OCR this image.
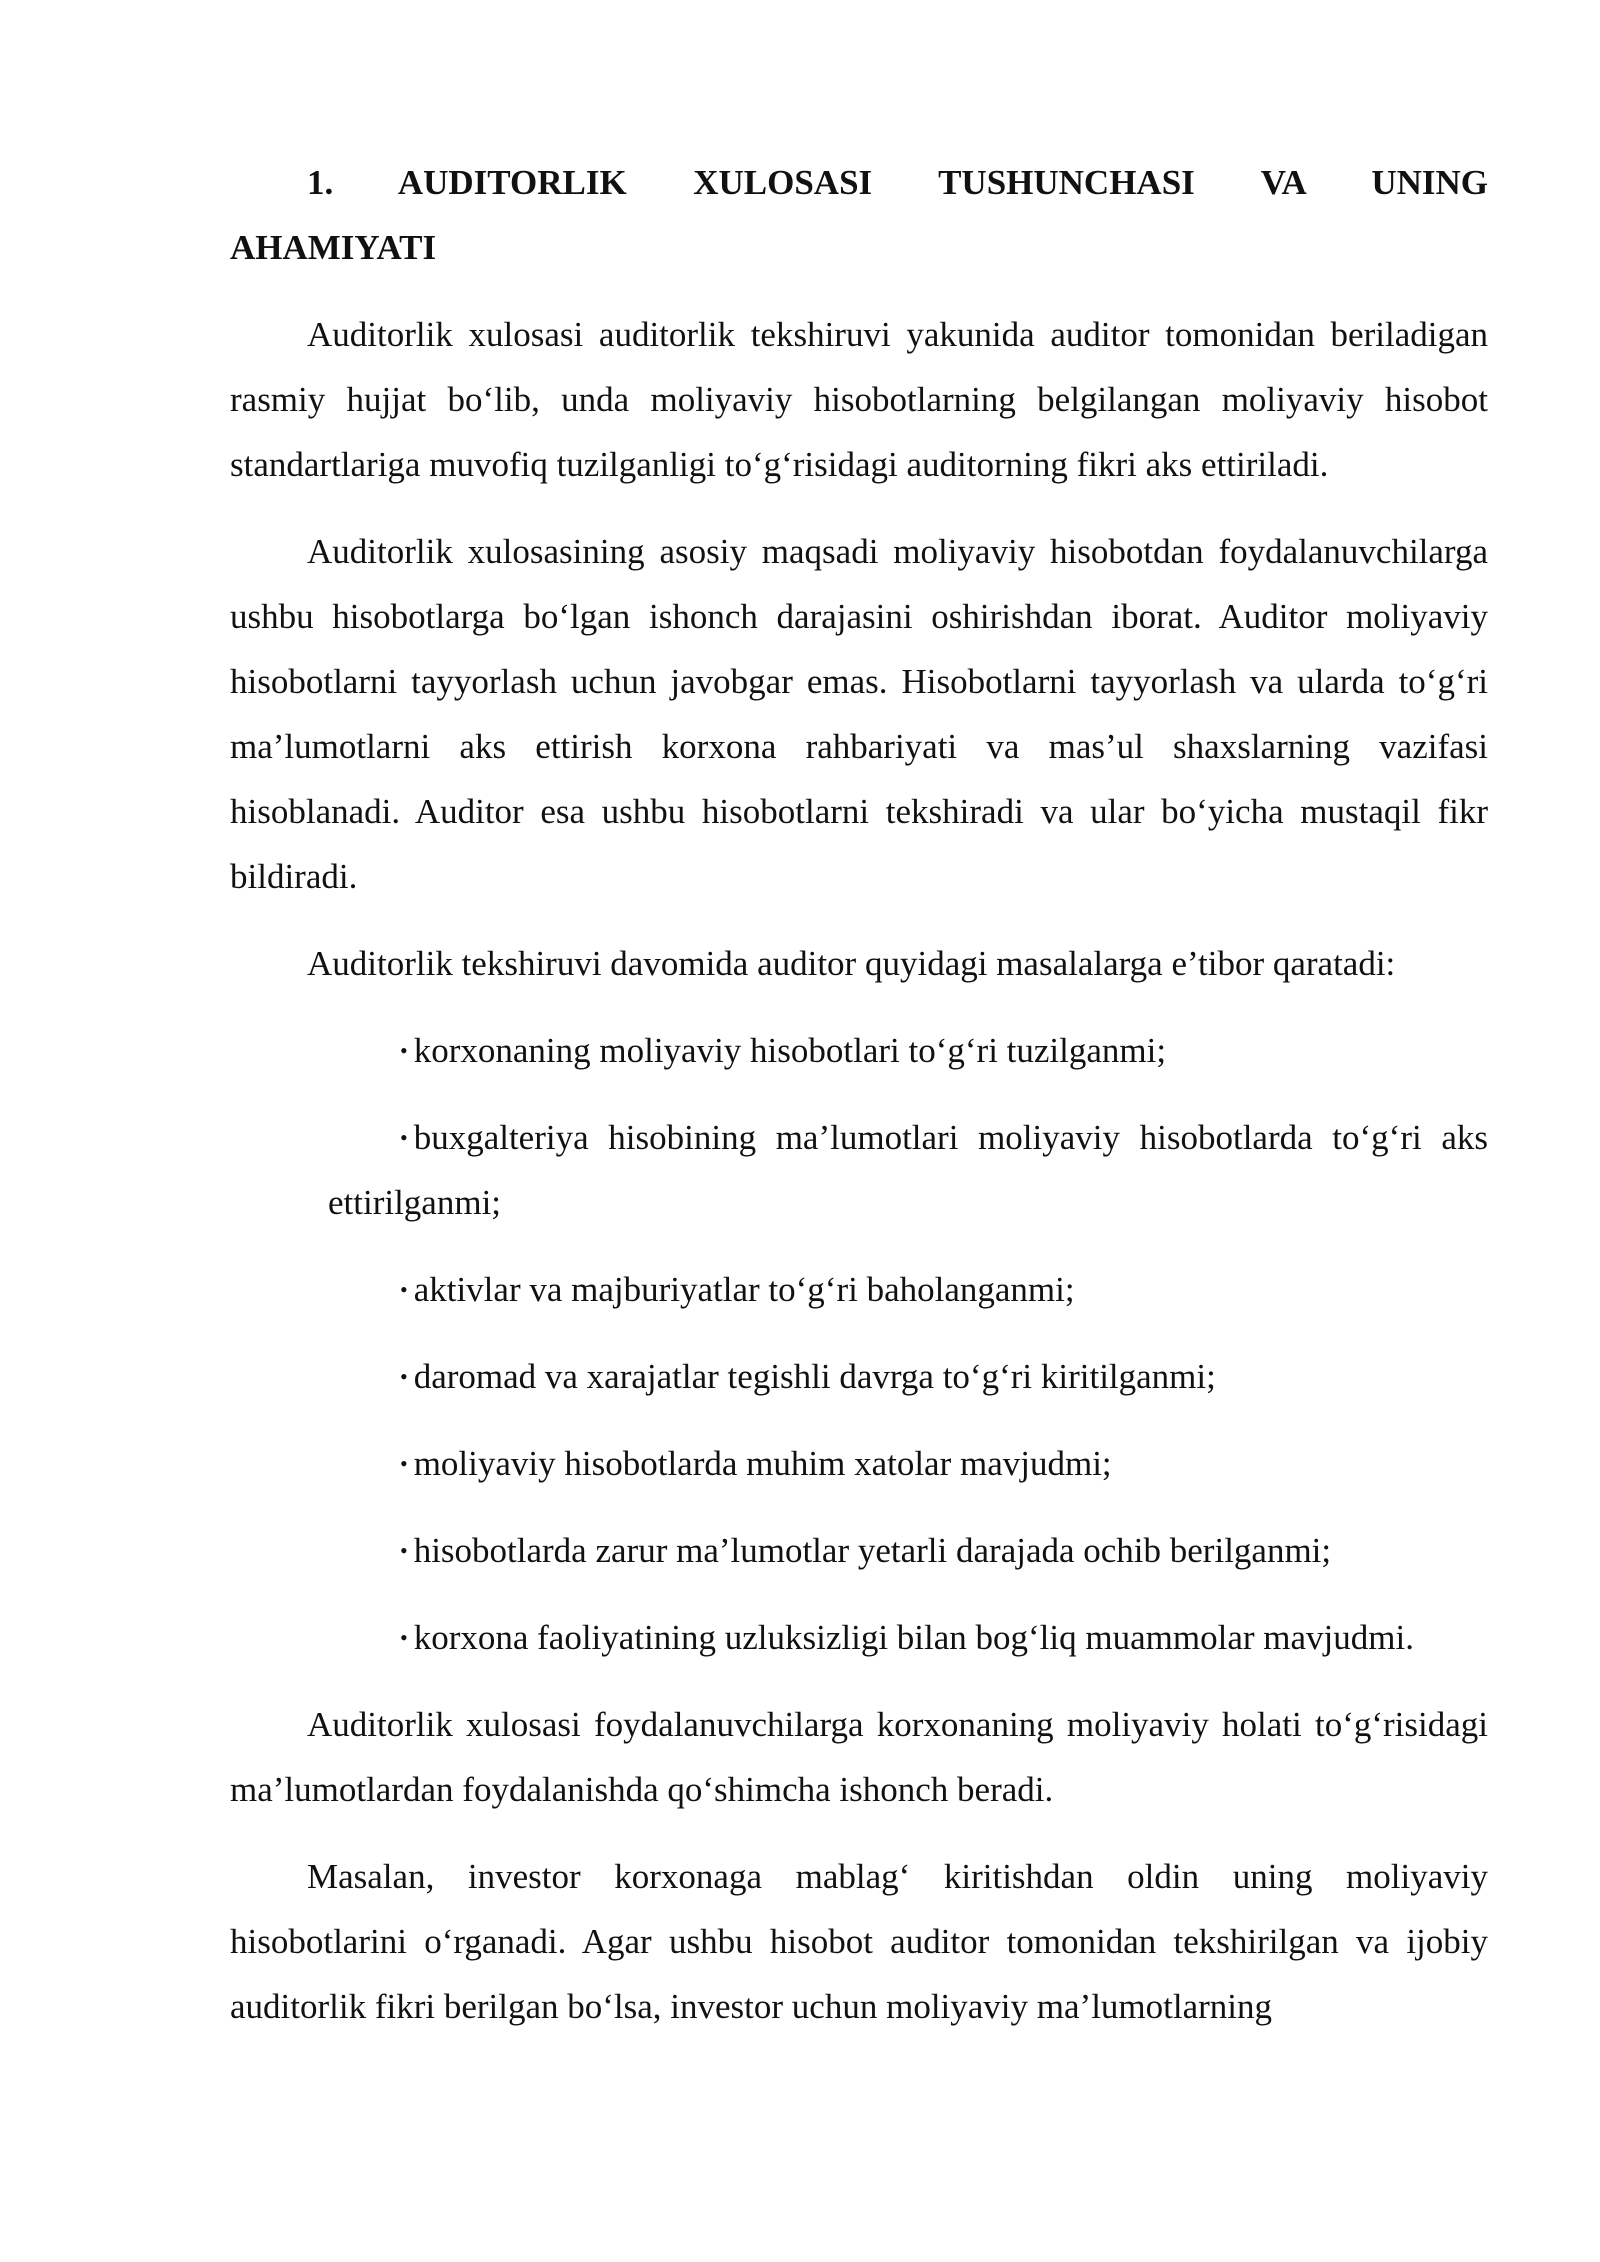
1. AUDITORLIK XULOSASI TUSHUNCHASI VA UNING AHAMIYATI

Auditorlik xulosasi auditorlik tekshiruvi yakunida auditor tomonidan beriladigan rasmiy hujjat bo‘lib, unda moliyaviy hisobotlarning belgilangan moliyaviy hisobot standartlariga muvofiq tuzilganligi to‘g‘risidagi auditorning fikri aks ettiriladi.

Auditorlik xulosasining asosiy maqsadi moliyaviy hisobotdan foydalanuvchilarga ushbu hisobotlarga bo‘lgan ishonch darajasini oshirishdan iborat. Auditor moliyaviy hisobotlarni tayyorlash uchun javobgar emas. Hisobotlarni tayyorlash va ularda to‘g‘ri ma’lumotlarni aks ettirish korxona rahbariyati va mas’ul shaxslarning vazifasi hisoblanadi. Auditor esa ushbu hisobotlarni tekshiradi va ular bo‘yicha mustaqil fikr bildiradi.

Auditorlik tekshiruvi davomida auditor quyidagi masalalarga e’tibor qaratadi:

• korxonaning moliyaviy hisobotlari to‘g‘ri tuzilganmi;
• buxgalteriya hisobining ma’lumotlari moliyaviy hisobotlarda to‘g‘ri aks ettirilganmi;
• aktivlar va majburiyatlar to‘g‘ri baholanganmi;
• daromad va xarajatlar tegishli davrga to‘g‘ri kiritilganmi;
• moliyaviy hisobotlarda muhim xatolar mavjudmi;
• hisobotlarda zarur ma’lumotlar yetarli darajada ochib berilganmi;
• korxona faoliyatining uzluksizligi bilan bog‘liq muammolar mavjudmi.

Auditorlik xulosasi foydalanuvchilarga korxonaning moliyaviy holati to‘g‘risidagi ma’lumotlardan foydalanishda qo‘shimcha ishonch beradi.

Masalan, investor korxonaga mablag‘ kiritishdan oldin uning moliyaviy hisobotlarini o‘rganadi. Agar ushbu hisobot auditor tomonidan tekshirilgan va ijobiy auditorlik fikri berilgan bo‘lsa, investor uchun moliyaviy ma’lumotlarning
